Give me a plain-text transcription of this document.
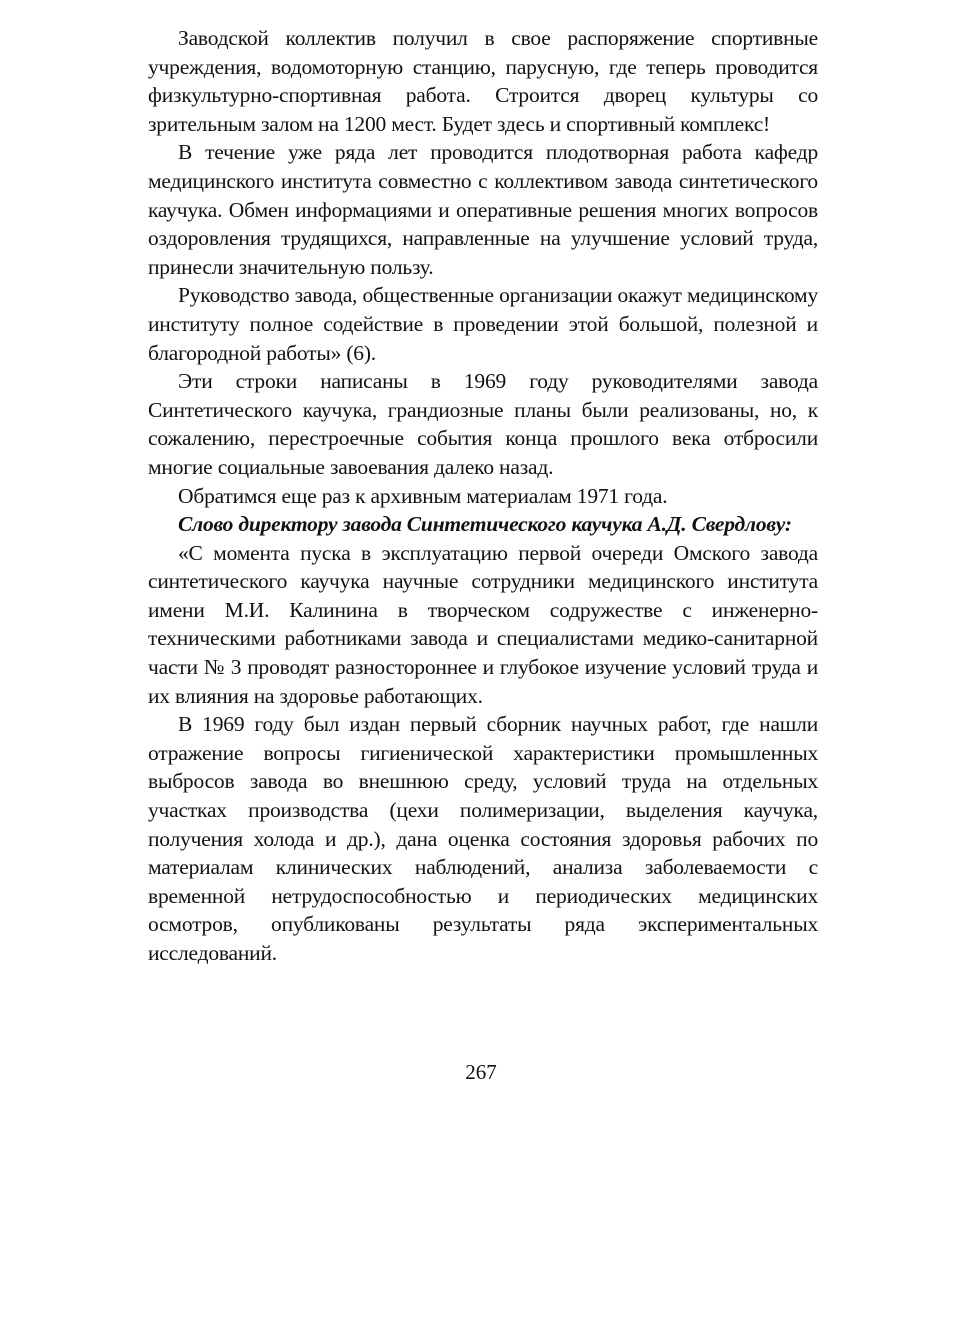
Заводской коллектив получил в свое распоряжение спортивные учреждения, водомоторную станцию, парусную, где теперь проводится физкультурно-спортивная работа. Строится дворец культуры со зрительным залом на 1200 мест. Будет здесь и спортивный комплекс!

В течение уже ряда лет проводится плодотворная работа кафедр медицинского института совместно с коллективом завода синтетического каучука. Обмен информациями и оперативные решения многих вопросов оздоровления трудящихся, направленные на улучшение условий труда, принесли значительную пользу.

Руководство завода, общественные организации окажут медицинскому институту полное содействие в проведении этой большой, полезной и благородной работы» (6).

Эти строки написаны в 1969 году руководителями завода Синтетического каучука, грандиозные планы были реализованы, но, к сожалению, перестроечные события конца прошлого века отбросили многие социальные завоевания далеко назад.

Обратимся еще раз к архивным материалам 1971 года.

Слово директору завода Синтетического каучука А.Д. Свердлову:

«С момента пуска в эксплуатацию первой очереди Омского завода синтетического каучука научные сотрудники медицинского института имени М.И. Калинина в творческом содружестве с инженерно-техническими работниками завода и специалистами медико-санитарной части № 3 проводят разностороннее и глубокое изучение условий труда и их влияния на здоровье работающих.

В 1969 году был издан первый сборник научных работ, где нашли отражение вопросы гигиенической характеристики промышленных выбросов завода во внешнюю среду, условий труда на отдельных участках производства (цехи полимеризации, выделения каучука, получения холода и др.), дана оценка состояния здоровья рабочих по материалам клинических наблюдений, анализа заболеваемости с временной нетрудоспособностью и периодических медицинских осмотров, опубликованы результаты ряда экспериментальных исследований.

267
